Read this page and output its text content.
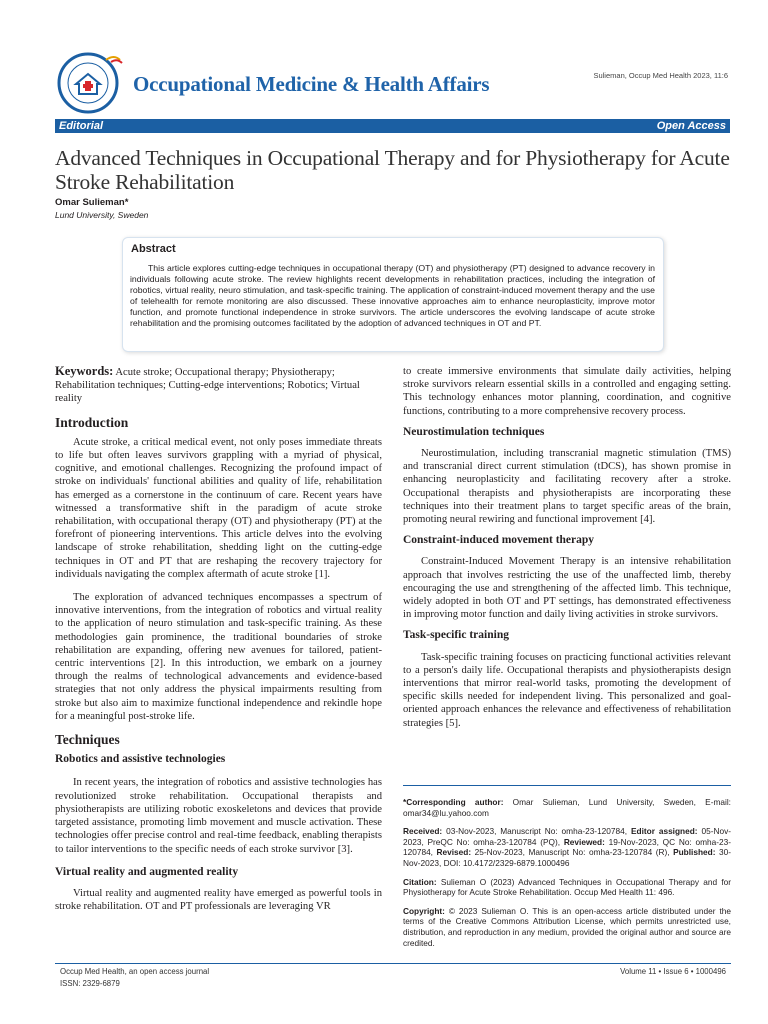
Occupational Medicine & Health Affairs	Sulieman, Occup Med Health 2023, 11:6
Editorial	Open Access
Advanced Techniques in Occupational Therapy and for Physiotherapy for Acute Stroke Rehabilitation
Omar Sulieman*
Lund University, Sweden
Abstract

This article explores cutting-edge techniques in occupational therapy (OT) and physiotherapy (PT) designed to advance recovery in individuals following acute stroke. The review highlights recent developments in rehabilitation practices, including the integration of robotics, virtual reality, neuro stimulation, and task-specific training. The application of constraint-induced movement therapy and the use of telehealth for remote monitoring are also discussed. These innovative approaches aim to enhance neuroplasticity, improve motor function, and promote functional independence in stroke survivors. The article underscores the evolving landscape of acute stroke rehabilitation and the promising outcomes facilitated by the adoption of advanced techniques in OT and PT.

Keywords: Acute stroke; Occupational therapy; Physiotherapy; Rehabilitation techniques; Cutting-edge interventions; Robotics; Virtual reality

Introduction

Acute stroke, a critical medical event, not only poses immediate threats to life but often leaves survivors grappling with a myriad of physical, cognitive, and emotional challenges. Recognizing the profound impact of stroke on individuals' functional abilities and quality of life, rehabilitation has emerged as a cornerstone in the continuum of care. Recent years have witnessed a transformative shift in the paradigm of acute stroke rehabilitation, with occupational therapy (OT) and physiotherapy (PT) at the forefront of pioneering interventions. This article delves into the evolving landscape of stroke rehabilitation, shedding light on the cutting-edge techniques in OT and PT that are reshaping the recovery trajectory for individuals navigating the complex aftermath of acute stroke [1].

The exploration of advanced techniques encompasses a spectrum of innovative interventions, from the integration of robotics and virtual reality to the application of neuro stimulation and task-specific training. As these methodologies gain prominence, the traditional boundaries of stroke rehabilitation are expanding, offering new avenues for tailored, patient-centric interventions [2]. In this introduction, we embark on a journey through the realms of technological advancements and evidence-based strategies that not only address the physical impairments resulting from stroke but also aim to maximize functional independence and rekindle hope for a meaningful post-stroke life.

Techniques
Robotics and assistive technologies

In recent years, the integration of robotics and assistive technologies has revolutionized stroke rehabilitation. Occupational therapists and physiotherapists are utilizing robotic exoskeletons and devices that provide targeted assistance, promoting limb movement and muscle activation. These technologies offer precise control and real-time feedback, enabling therapists to tailor interventions to the specific needs of each stroke survivor [3].

Virtual reality and augmented reality

Virtual reality and augmented reality have emerged as powerful tools in stroke rehabilitation. OT and PT professionals are leveraging VR

to create immersive environments that simulate daily activities, helping stroke survivors relearn essential skills in a controlled and engaging setting. This technology enhances motor planning, coordination, and cognitive functions, contributing to a more comprehensive recovery process.

Neurostimulation techniques

Neurostimulation, including transcranial magnetic stimulation (TMS) and transcranial direct current stimulation (tDCS), has shown promise in enhancing neuroplasticity and facilitating recovery after a stroke. Occupational therapists and physiotherapists are incorporating these techniques into their treatment plans to target specific areas of the brain, promoting neural rewiring and functional improvement [4].

Constraint-induced movement therapy

Constraint-Induced Movement Therapy is an intensive rehabilitation approach that involves restricting the use of the unaffected limb, thereby encouraging the use and strengthening of the affected limb. This technique, widely adopted in both OT and PT settings, has demonstrated effectiveness in improving motor function and daily living activities in stroke survivors.

Task-specific training

Task-specific training focuses on practicing functional activities relevant to a person's daily life. Occupational therapists and physiotherapists design interventions that mirror real-world tasks, promoting the development of specific skills needed for independent living. This personalized and goal-oriented approach enhances the relevance and effectiveness of rehabilitation strategies [5].

*Corresponding author: Omar Sulieman, Lund University, Sweden, E-mail: omar34@lu.yahoo.com

Received: 03-Nov-2023, Manuscript No: omha-23-120784, Editor assigned: 05-Nov-2023, PreQC No: omha-23-120784 (PQ), Reviewed: 19-Nov-2023, QC No: omha-23-120784, Revised: 25-Nov-2023, Manuscript No: omha-23-120784 (R), Published: 30-Nov-2023, DOI: 10.4172/2329-6879.1000496

Citation: Sulieman O (2023) Advanced Techniques in Occupational Therapy and for Physiotherapy for Acute Stroke Rehabilitation. Occup Med Health 11: 496.

Copyright: © 2023 Sulieman O. This is an open-access article distributed under the terms of the Creative Commons Attribution License, which permits unrestricted use, distribution, and reproduction in any medium, provided the original author and source are credited.

Occup Med Health, an open access journal
ISSN: 2329-6879
Volume 11 • Issue 6 • 1000496
